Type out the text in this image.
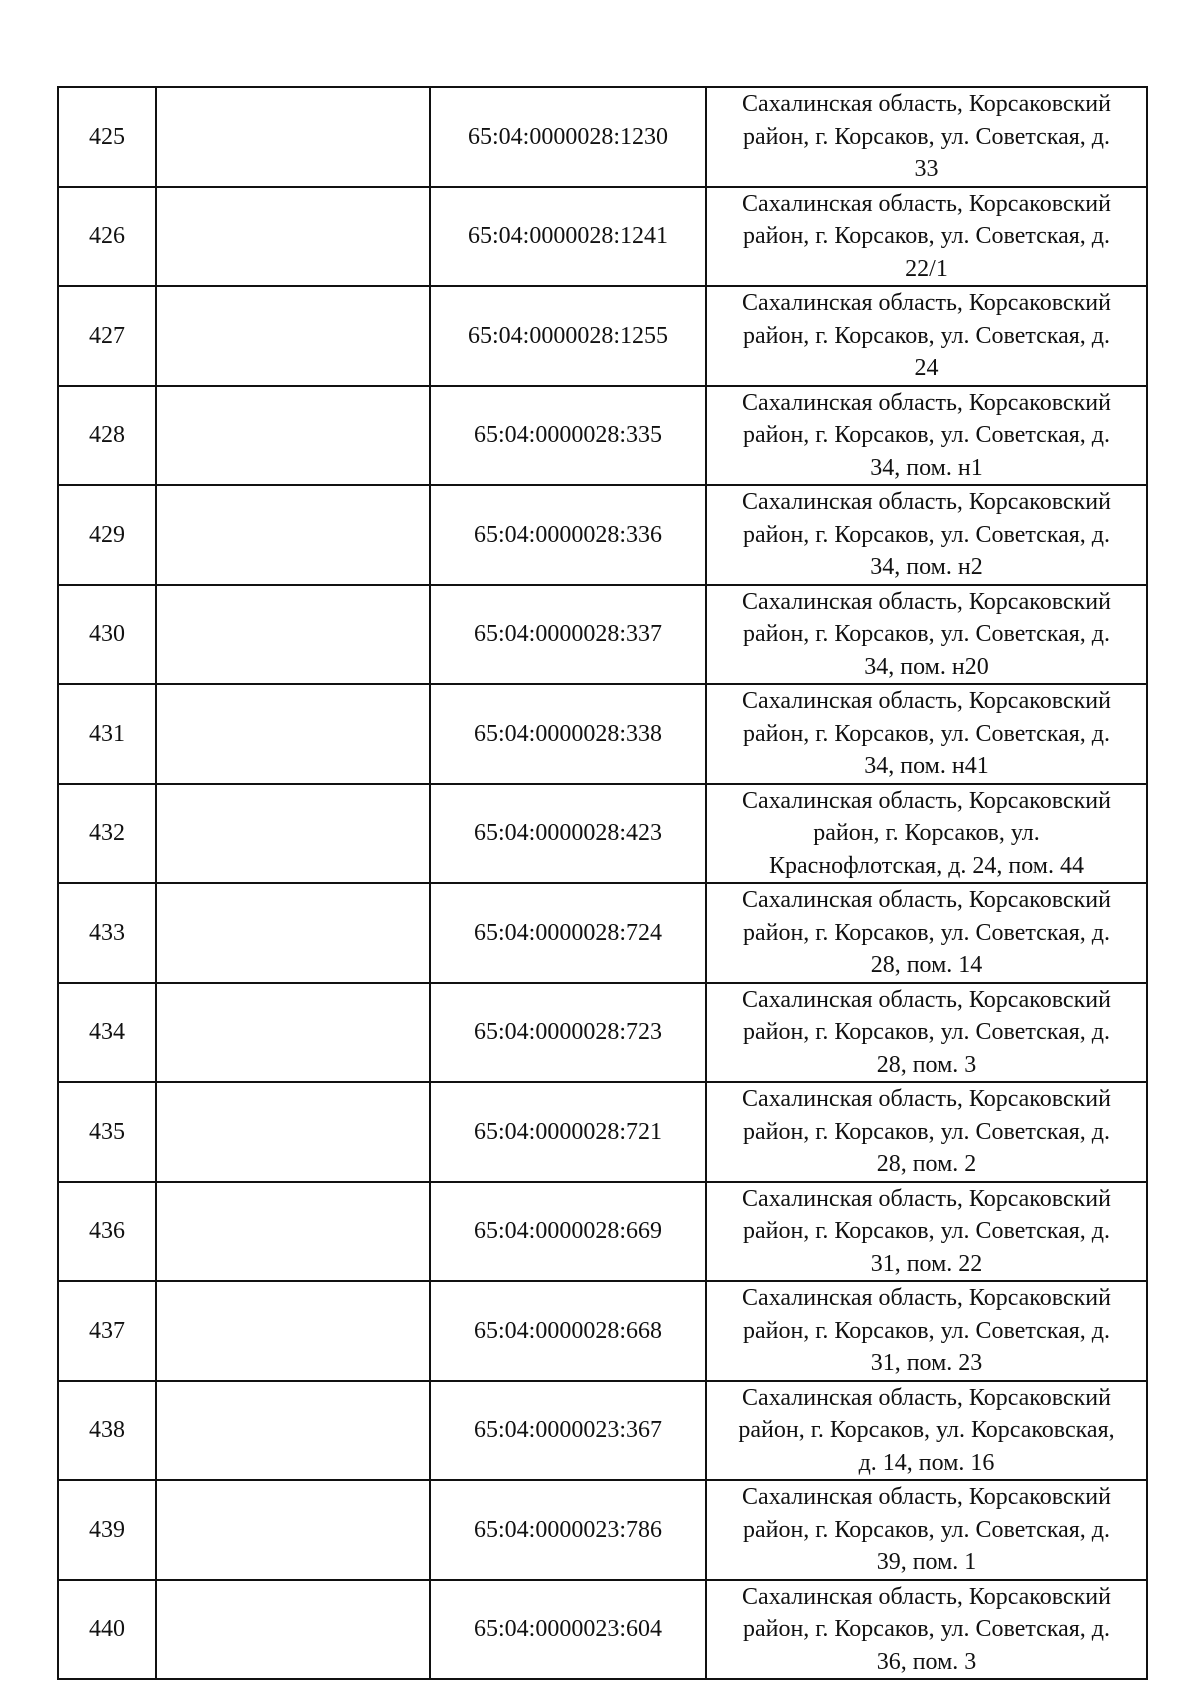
425		65:04:0000028:1230	Сахалинская область, Корсаковский
район, г. Корсаков, ул. Советская, д.
33
426		65:04:0000028:1241	Сахалинская область, Корсаковский
район, г. Корсаков, ул. Советская, д.
22/1
427		65:04:0000028:1255	Сахалинская область, Корсаковский
район, г. Корсаков, ул. Советская, д.
24
428		65:04:0000028:335	Сахалинская область, Корсаковский
район, г. Корсаков, ул. Советская, д.
34, пом. н1
429		65:04:0000028:336	Сахалинская область, Корсаковский
район, г. Корсаков, ул. Советская, д.
34, пом. н2
430		65:04:0000028:337	Сахалинская область, Корсаковский
район, г. Корсаков, ул. Советская, д.
34, пом. н20
431		65:04:0000028:338	Сахалинская область, Корсаковский
район, г. Корсаков, ул. Советская, д.
34, пом. н41
432		65:04:0000028:423	Сахалинская область, Корсаковский
район, г. Корсаков, ул.
Краснофлотская, д. 24, пом. 44
433		65:04:0000028:724	Сахалинская область, Корсаковский
район, г. Корсаков, ул. Советская, д.
28, пом. 14
434		65:04:0000028:723	Сахалинская область, Корсаковский
район, г. Корсаков, ул. Советская, д.
28, пом. 3
435		65:04:0000028:721	Сахалинская область, Корсаковский
район, г. Корсаков, ул. Советская, д.
28, пом. 2
436		65:04:0000028:669	Сахалинская область, Корсаковский
район, г. Корсаков, ул. Советская, д.
31, пом. 22
437		65:04:0000028:668	Сахалинская область, Корсаковский
район, г. Корсаков, ул. Советская, д.
31, пом. 23
438		65:04:0000023:367	Сахалинская область, Корсаковский
район, г. Корсаков, ул. Корсаковская,
д. 14, пом. 16
439		65:04:0000023:786	Сахалинская область, Корсаковский
район, г. Корсаков, ул. Советская, д.
39, пом. 1
440		65:04:0000023:604	Сахалинская область, Корсаковский
район, г. Корсаков, ул. Советская, д.
36, пом. 3
